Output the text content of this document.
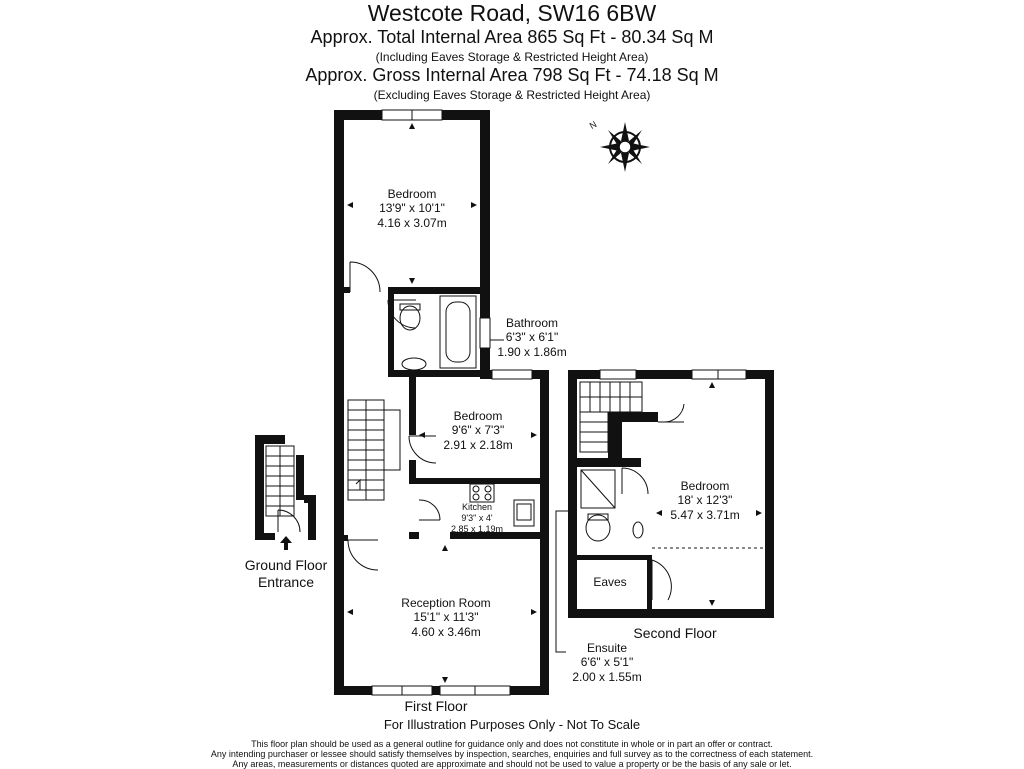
Westcote Road, SW16 6BW
Approx. Total Internal Area 865 Sq Ft - 80.34 Sq M
(Including Eaves Storage & Restricted Height Area)
Approx. Gross Internal Area 798 Sq Ft - 74.18 Sq M
(Excluding Eaves Storage & Restricted Height Area)
N
Bedroom
13'9" x 10'1"
4.16 x 3.07m
Bathroom
6'3" x 6'1"
1.90 x 1.86m
Bedroom
9'6" x 7'3"
2.91 x 2.18m
Kitchen
9'3" x 4'
2.85 x 1.19m
Reception Room
15'1" x 11'3"
4.60 x 3.46m
Bedroom
18' x 12'3"
5.47 x 3.71m
Eaves
Ensuite
6'6" x 5'1"
2.00 x 1.55m
Ground Floor
Entrance
First Floor
Second Floor
For Illustration Purposes Only - Not To Scale
This floor plan should be used as a general outline for guidance only and does not constitute in whole or in part an offer or contract.
Any intending purchaser or lessee should satisfy themselves by inspection, searches, enquiries and full survey as to the correctness of each statement.
Any areas, measurements or distances quoted are approximate and should not be used to value a property or be the basis of any sale or let.
